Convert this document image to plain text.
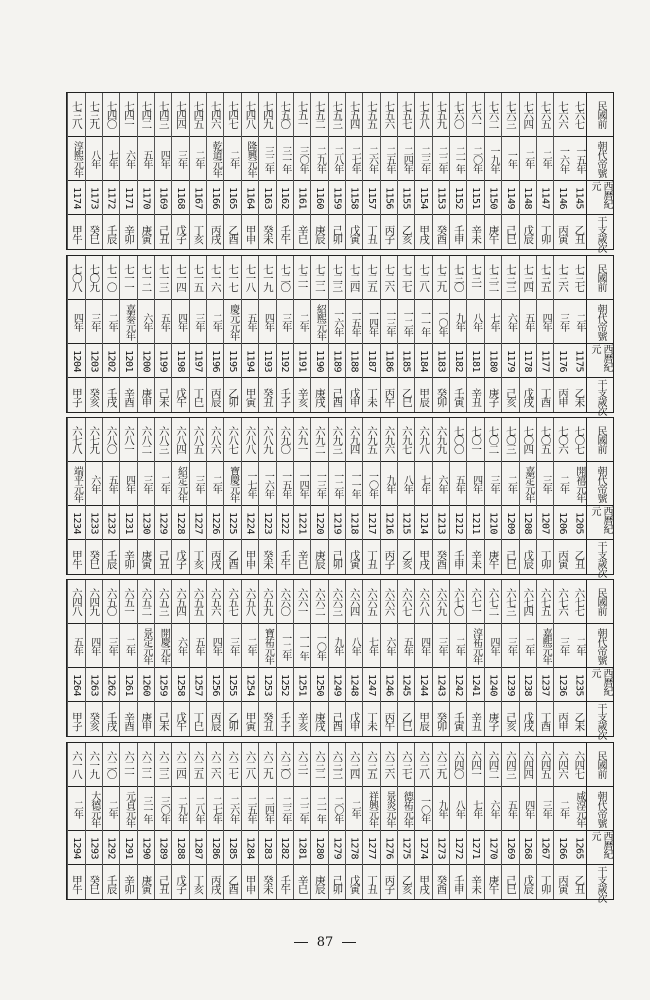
民國前
朝代帝號
西曆紀元
干支歲次
七六七
一五年
1145
乙丑
七六六
一六年
1146
丙寅
七六五
二年
1147
丁卯
七六四
二年
1148
戊辰
七六三
一年
1149
己巳
七六二
一九年
1150
庚午
七六一
二〇年
1151
辛未
七六〇
二一年
1152
壬申
七五九
二二年
1153
癸酉
七五八
二三年
1154
甲戌
七五七
二四年
1155
乙亥
七五六
二五年
1156
丙子
七五五
二六年
1157
丁丑
七五四
二七年
1158
戊寅
七五三
二八年
1159
己卯
七五二
二九年
1160
庚辰
七五一
三〇年
1161
辛巳
七五〇
三一年
1162
壬午
七四九
三二年
1163
癸未
七四八
隆興元年
1164
甲申
七四七
二年
1165
乙酉
七四六
乾道元年
1166
丙戌
七四五
二年
1167
丁亥
七四四
三年
1168
戊子
七四三
四年
1169
己丑
七四二
五年
1170
庚寅
七四一
六年
1171
辛卯
七四〇
七年
1172
壬辰
七三九
八年
1173
癸巳
七三八
淳熙元年
1174
甲午
民國前
朝代帝號
西曆紀元
干支歲次
七三七
二年
1175
乙未
七三六
三年
1176
丙申
七三五
四年
1177
丁酉
七三四
五年
1178
戊戌
七三三
六年
1179
己亥
七三二
七年
1180
庚子
七三一
八年
1181
辛丑
七三〇
九年
1182
壬寅
七二九
一〇年
1183
癸卯
七二八
一一年
1184
甲辰
七二七
一二年
1185
乙巳
七二六
一三年
1186
丙午
七二五
一四年
1187
丁未
七二四
一五年
1188
戊申
七二三
一六年
1189
己酉
七二二
紹熙元年
1190
庚戌
七二一
二年
1191
辛亥
七二〇
三年
1192
壬子
七一九
四年
1193
癸丑
七一八
五年
1194
甲寅
七一七
慶元元年
1195
乙卯
七一六
二年
1196
丙辰
七一五
三年
1197
丁巳
七一四
四年
1198
戊午
七一三
五年
1199
己未
七一二
六年
1200
庚申
七一一
嘉泰元年
1201
辛酉
七一〇
二年
1202
壬戌
七〇九
三年
1203
癸亥
七〇八
四年
1204
甲子
民國前
朝代帝號
西曆紀元
干支歲次
七〇七
開禧元年
1205
乙丑
七〇六
二年
1206
丙寅
七〇五
三年
1207
丁卯
七〇四
嘉定元年
1208
戊辰
七〇三
二年
1209
己巳
七〇二
三年
1210
庚午
七〇一
四年
1211
辛未
七〇〇
五年
1212
壬申
六九九
六年
1213
癸酉
六九八
七年
1214
甲戌
六九七
八年
1215
乙亥
六九六
九年
1216
丙子
六九五
一〇年
1217
丁丑
六九四
一一年
1218
戊寅
六九三
一二年
1219
己卯
六九二
一三年
1220
庚辰
六九一
一四年
1221
辛巳
六九〇
一五年
1222
壬午
六八九
一六年
1223
癸未
六八八
一七年
1224
甲申
六八七
寶慶元年
1225
乙酉
六八六
二年
1226
丙戌
六八五
三年
1227
丁亥
六八四
紹定元年
1228
戊子
六八三
二年
1229
己丑
六八二
三年
1230
庚寅
六八一
四年
1231
辛卯
六八〇
五年
1232
壬辰
六七九
六年
1233
癸巳
六七八
端平元年
1234
甲午
民國前
朝代帝號
西曆紀元
干支歲次
六七七
二年
1235
乙未
六七六
三年
1236
丙申
六七五
嘉熙元年
1237
丁酉
六七四
二年
1238
戊戌
六七三
三年
1239
己亥
六七二
四年
1240
庚子
六七一
淳祐元年
1241
辛丑
六七〇
二年
1242
壬寅
六六九
三年
1243
癸卯
六六八
四年
1244
甲辰
六六七
五年
1245
乙巳
六六六
六年
1246
丙午
六六五
七年
1247
丁未
六六四
八年
1248
戊申
六六三
九年
1249
己酉
六六二
一〇年
1250
庚戌
六六一
一一年
1251
辛亥
六六〇
一二年
1252
壬子
六五九
寶祐元年
1253
癸丑
六五八
二年
1254
甲寅
六五七
三年
1255
乙卯
六五六
四年
1256
丙辰
六五五
五年
1257
丁巳
六五四
六年
1258
戊午
六五三
開慶元年
1259
己未
六五二
景定元年
1260
庚申
六五一
二年
1261
辛酉
六五〇
三年
1262
壬戌
六四九
四年
1263
癸亥
六四八
五年
1264
甲子
民國前
朝代帝號
西曆紀元
干支歲次
六四七
咸淳元年
1265
乙丑
六四六
二年
1266
丙寅
六四五
三年
1267
丁卯
六四四
四年
1268
戊辰
六四三
五年
1269
己巳
六四二
六年
1270
庚午
六四一
七年
1271
辛未
六四〇
八年
1272
壬申
六三九
九年
1273
癸酉
六三八
一〇年
1274
甲戌
六三七
德祐元年
1275
乙亥
六三六
景炎元年
1276
丙子
六三五
祥興元年
1277
丁丑
六三四
二年
1278
戊寅
六三三
二〇年
1279
己卯
六三二
二一年
1280
庚辰
六三一
二二年
1281
辛巳
六三〇
二三年
1282
壬午
六二九
二四年
1283
癸未
六二八
二五年
1284
甲申
六二七
二六年
1285
乙酉
六二六
二七年
1286
丙戌
六二五
二八年
1287
丁亥
六二四
二九年
1288
戊子
六二三
三〇年
1289
己丑
六二二
三一年
1290
庚寅
六二一
元貞元年
1291
辛卯
六二〇
二年
1292
壬辰
六一九
大德元年
1293
癸巳
六一八
二年
1294
甲午
87
